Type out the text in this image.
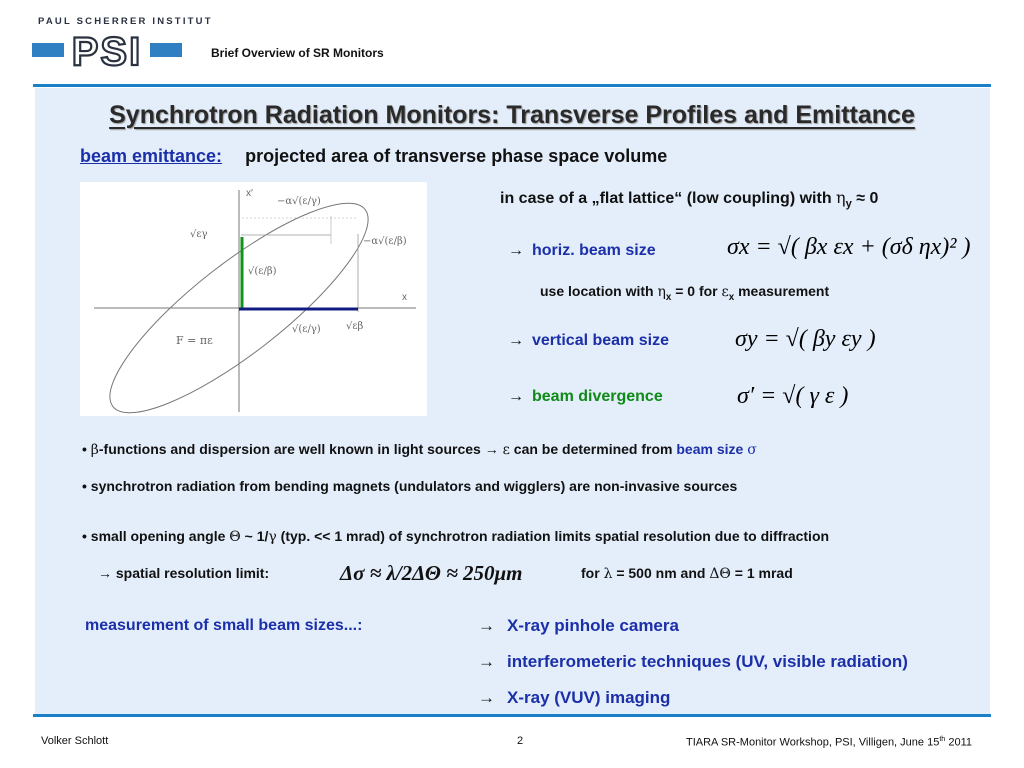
PAUL SCHERRER INSTITUT
PSI	Brief Overview of SR Monitors
Synchrotron Radiation Monitors: Transverse Profiles and Emittance
beam emittance: projected area of transverse phase space volume
x
x′
−α√(ε/γ)
−α√(ε/β)
√εγ
√(ε/β)
√(ε/γ)	√εβ
F = πε
in case of a „flat lattice“ (low coupling) with $\eta_y \approx 0$
→ horiz. beam size	σx = √( βx εx + (σδ ηx)² )
use location with $\eta_x = 0$ for $\varepsilon_x$ measurement
→ vertical beam size	σy = √( βy εy )
→ beam divergence	σ′ = √( γ ε )
• β-functions and dispersion are well known in light sources → ε can be determined from beam size σ
• synchrotron radiation from bending magnets (undulators and wigglers) are non-invasive sources
• small opening angle Θ ~ 1/γ (typ. << 1 mrad) of synchrotron radiation limits spatial resolution due to diffraction
→ spatial resolution limit:	Δσ ≈ λ/2ΔΘ ≈ 250μm	for λ = 500 nm and ΔΘ = 1 mrad
measurement of small beam sizes...:	→ X-ray pinhole camera
→ interferometeric techniques (UV, visible radiation)
→ X-ray (VUV) imaging
Volker Schlott	2	TIARA SR-Monitor Workshop, PSI, Villigen, June 15th 2011
